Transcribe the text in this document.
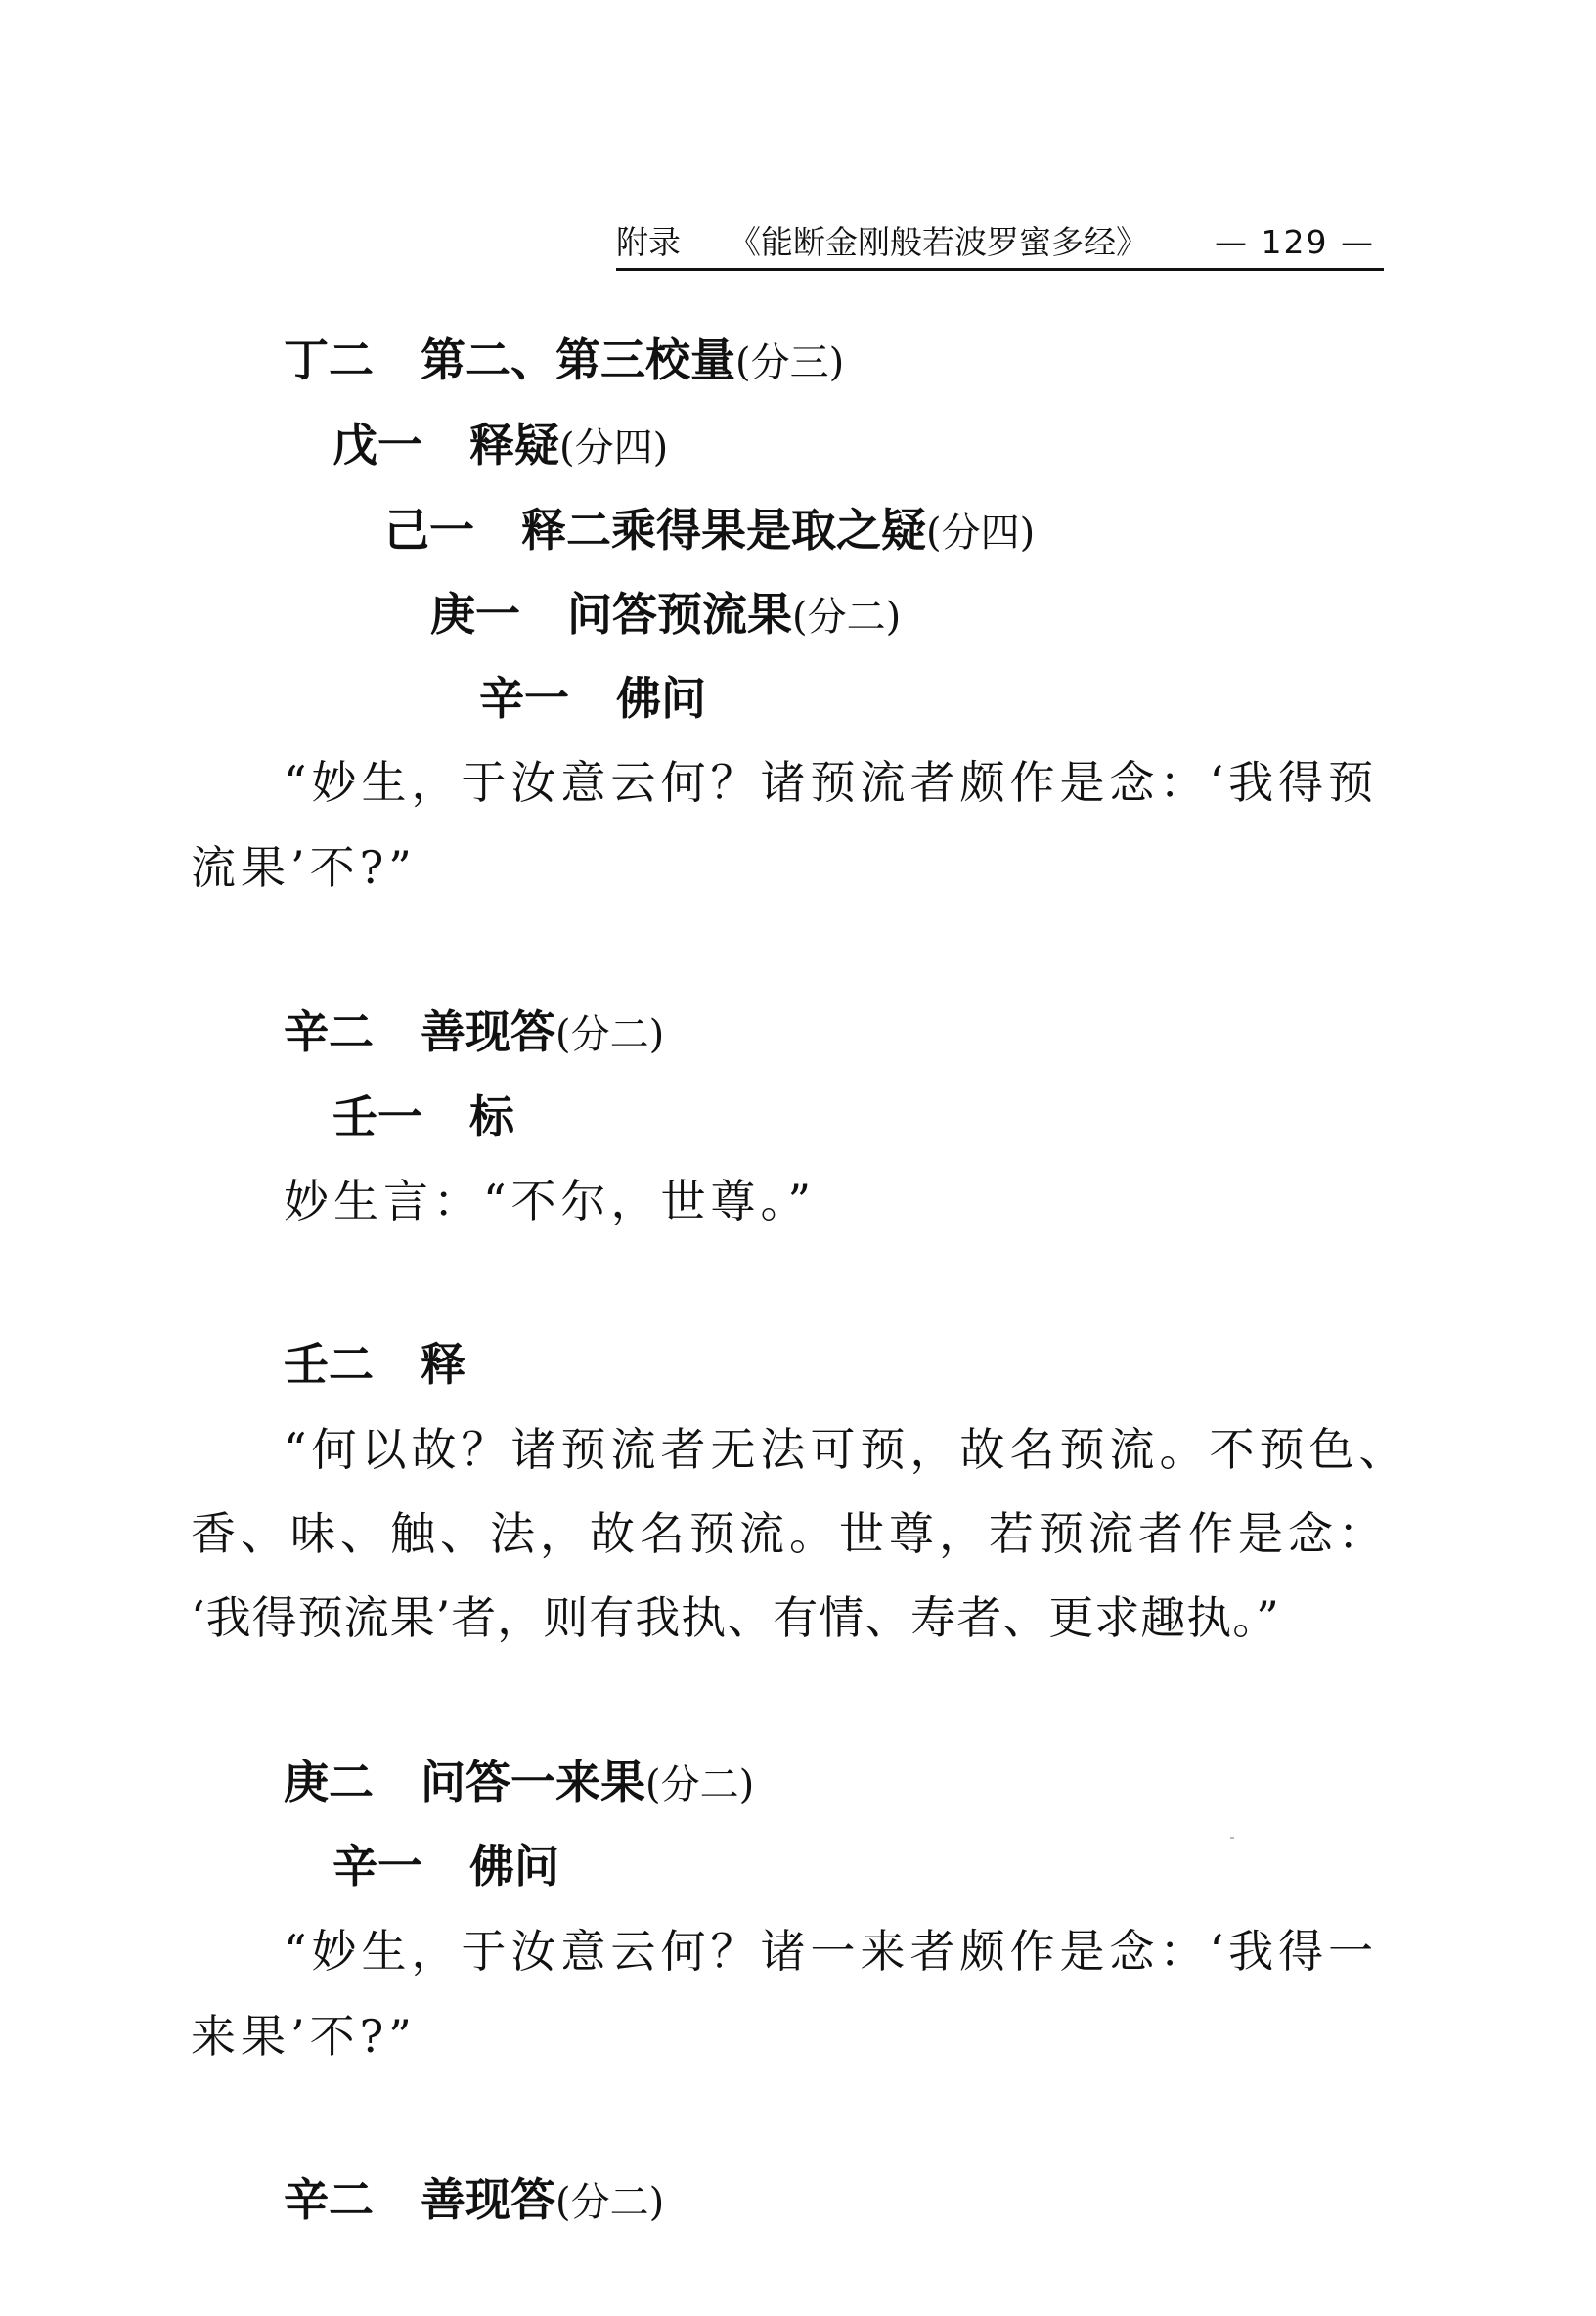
附录 《能断金刚般若波罗蜜多经》 — 129 —
丁二 第二、第三校量(分三)
戊一 释疑(分四)
己一 释二乘得果是取之疑(分四)
庚一 问答预流果(分二)
辛一 佛问
“妙生，于汝意云何？诸预流者颇作是念：‘我得预
流果’不?”
辛二 善现答(分二)
壬一 标
妙生言：“不尔，世尊。”
壬二 释
“何以故？诸预流者无法可预，故名预流。不预色、
香、味、触、法，故名预流。世尊，若预流者作是念：
‘我得预流果’者，则有我执、有情、寿者、更求趣执。”
庚二 问答一来果(分二)
辛一 佛问
“妙生，于汝意云何？诸一来者颇作是念：‘我得一
来果’不?”
辛二 善现答(分二)
